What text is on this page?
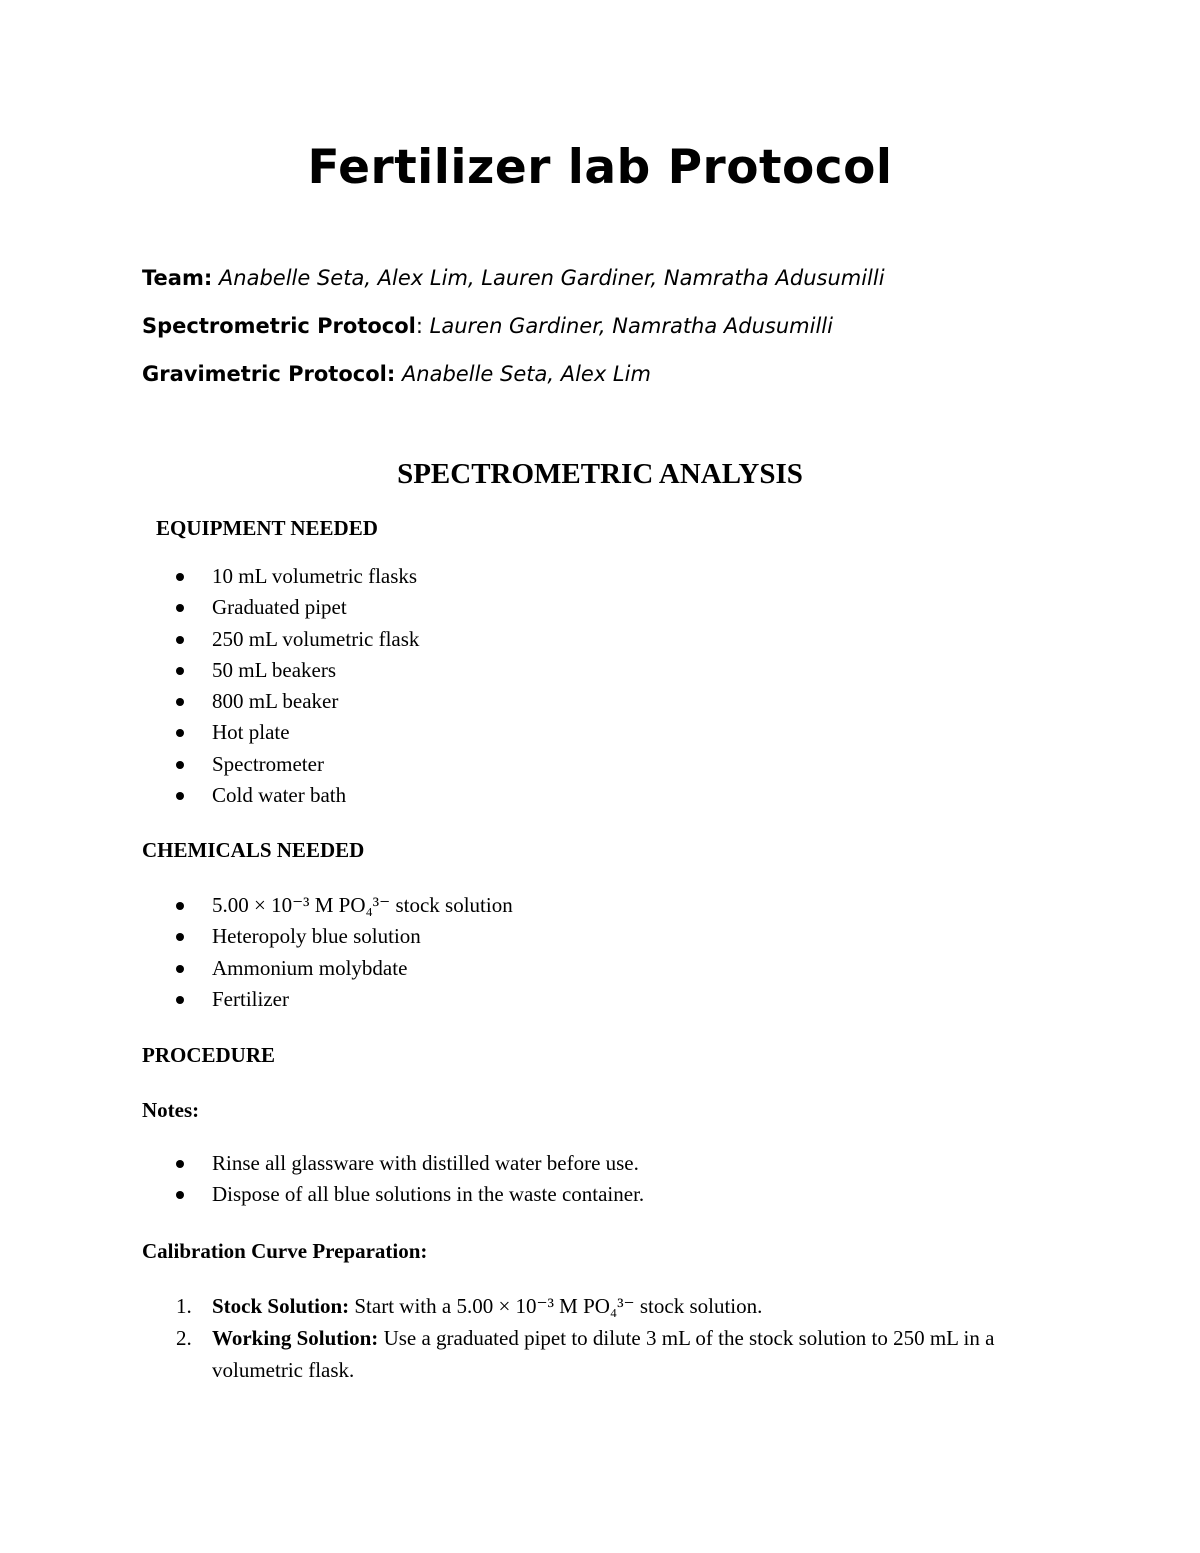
Fertilizer lab Protocol
Team: Anabelle Seta, Alex Lim, Lauren Gardiner, Namratha Adusumilli
Spectrometric Protocol: Lauren Gardiner, Namratha Adusumilli
Gravimetric Protocol: Anabelle Seta, Alex Lim
SPECTROMETRIC ANALYSIS
EQUIPMENT NEEDED
10 mL volumetric flasks
Graduated pipet
250 mL volumetric flask
50 mL beakers
800 mL beaker
Hot plate
Spectrometer
Cold water bath
CHEMICALS NEEDED
5.00 × 10⁻³ M PO₄³⁻ stock solution
Heteropoly blue solution
Ammonium molybdate
Fertilizer
PROCEDURE
Notes:
Rinse all glassware with distilled water before use.
Dispose of all blue solutions in the waste container.
Calibration Curve Preparation:
1. Stock Solution: Start with a 5.00 × 10⁻³ M PO₄³⁻ stock solution.
2. Working Solution: Use a graduated pipet to dilute 3 mL of the stock solution to 250 mL in a volumetric flask.
